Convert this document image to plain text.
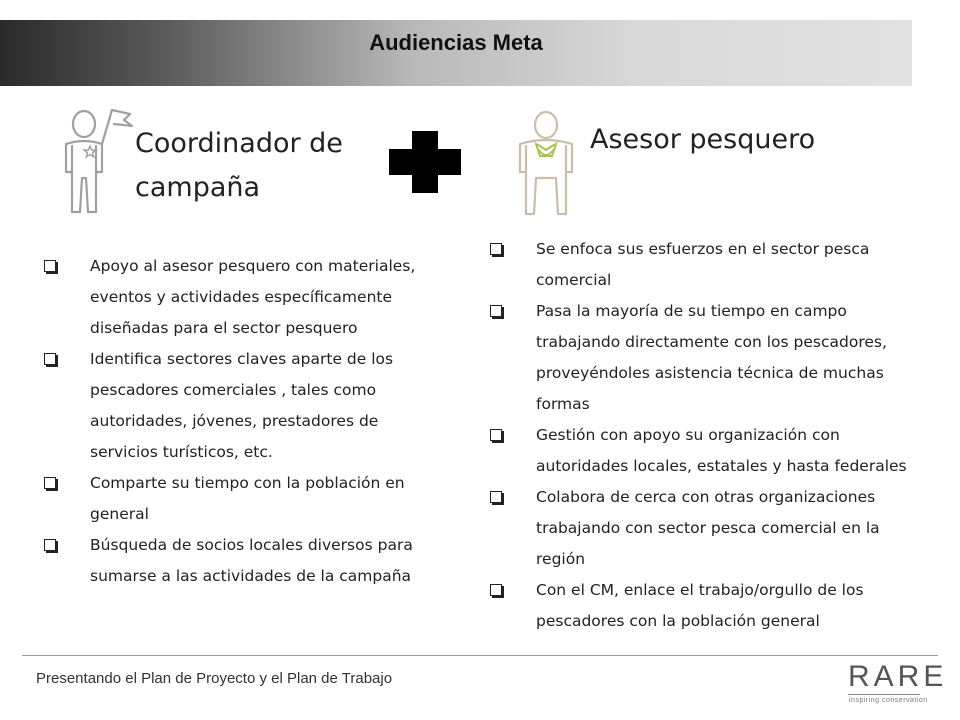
Audiencias Meta
Coordinador de
campaña
Asesor pesquero
Apoyo al asesor pesquero con materiales,
eventos y actividades específicamente
diseñadas para el sector pesquero
Identifica sectores claves aparte de los
pescadores comerciales , tales como
autoridades, jóvenes, prestadores de
servicios turísticos, etc.
Comparte su tiempo con la población en
general
Búsqueda de socios locales diversos para
sumarse a las actividades de la campaña
Se enfoca sus esfuerzos en el sector pesca
comercial
Pasa la mayoría de su tiempo en campo
trabajando directamente con los pescadores,
proveyéndoles asistencia técnica de muchas
formas
Gestión con apoyo su organización con
autoridades locales, estatales y hasta federales
Colabora de cerca con otras organizaciones
trabajando con sector pesca comercial en la
región
Con el CM, enlace el trabajo/orgullo de los
pescadores con la población general
Presentando el Plan de Proyecto y el Plan de Trabajo	RARE
inspiring conservation
